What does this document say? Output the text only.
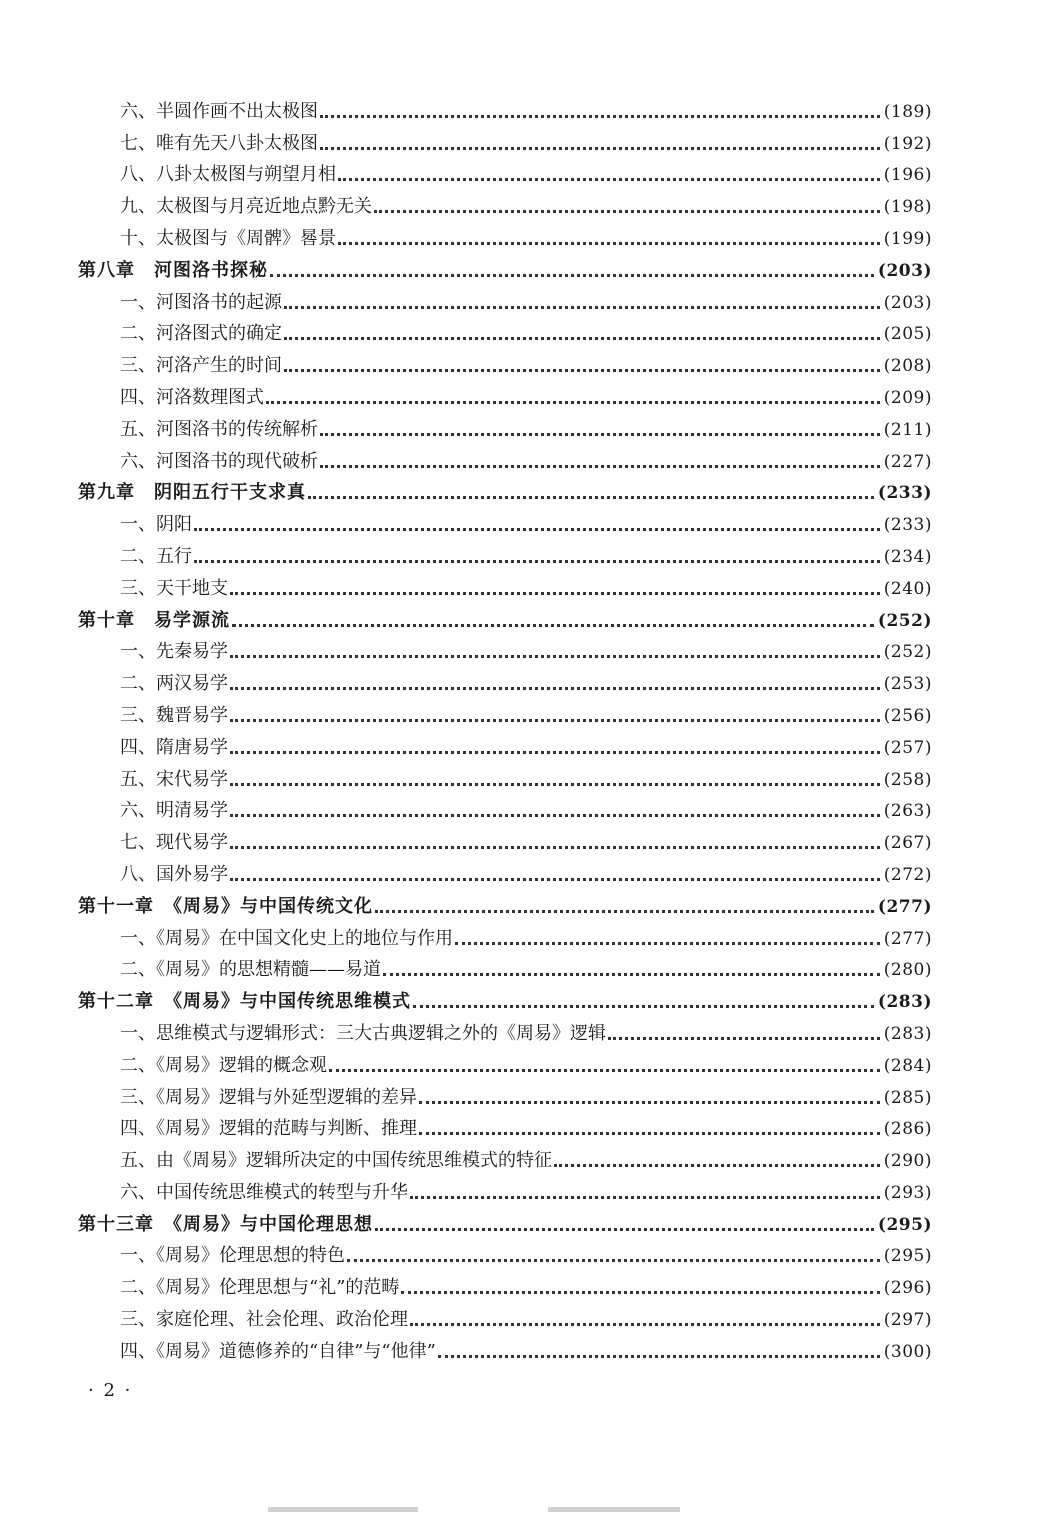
六、半圆作画不出太极图	(189)
七、唯有先天八卦太极图	(192)
八、八卦太极图与朔望月相	(196)
九、太极图与月亮近地点黔无关	(198)
十、太极图与《周髀》晷景	(199)
第八章　河图洛书探秘	(203)
一、河图洛书的起源	(203)
二、河洛图式的确定	(205)
三、河洛产生的时间	(208)
四、河洛数理图式	(209)
五、河图洛书的传统解析	(211)
六、河图洛书的现代破析	(227)
第九章　阴阳五行干支求真	(233)
一、阴阳	(233)
二、五行	(234)
三、天干地支	(240)
第十章　易学源流	(252)
一、先秦易学	(252)
二、两汉易学	(253)
三、魏晋易学	(256)
四、隋唐易学	(257)
五、宋代易学	(258)
六、明清易学	(263)
七、现代易学	(267)
八、国外易学	(272)
第十一章　《周易》与中国传统文化	(277)
一、《周易》在中国文化史上的地位与作用	(277)
二、《周易》的思想精髓——易道	(280)
第十二章　《周易》与中国传统思维模式	(283)
一、思维模式与逻辑形式：三大古典逻辑之外的《周易》逻辑	(283)
二、《周易》逻辑的概念观	(284)
三、《周易》逻辑与外延型逻辑的差异	(285)
四、《周易》逻辑的范畴与判断、推理	(286)
五、由《周易》逻辑所决定的中国传统思维模式的特征	(290)
六、中国传统思维模式的转型与升华	(293)
第十三章　《周易》与中国伦理思想	(295)
一、《周易》伦理思想的特色	(295)
二、《周易》伦理思想与“礼”的范畴	(296)
三、家庭伦理、社会伦理、政治伦理	(297)
四、《周易》道德修养的“自律”与“他律”	(300)
· 2 ·
